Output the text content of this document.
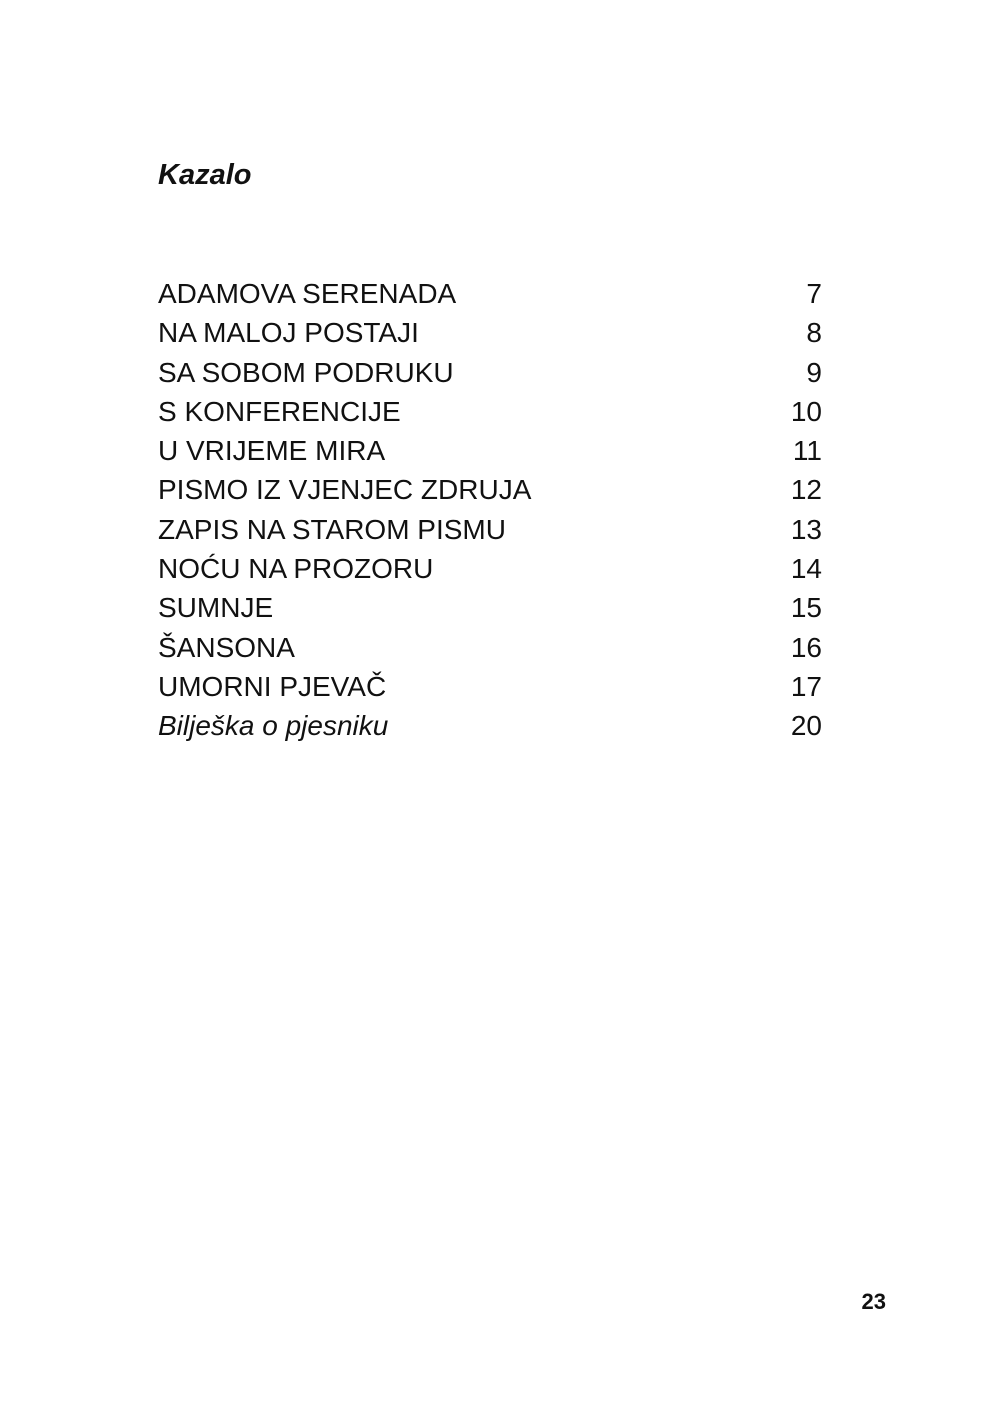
Kazalo
ADAMOVA SERENADA	7
NA MALOJ POSTAJI	8
SA SOBOM PODRUKU	9
S KONFERENCIJE	10
U VRIJEME MIRA	11
PISMO IZ VJENJEC ZDRUJA	12
ZAPIS NA STAROM PISMU	13
NOĆU NA PROZORU	14
SUMNJE	15
ŠANSONA	16
UMORNI PJEVAČ	17
Bilješka o pjesniku	20
23
